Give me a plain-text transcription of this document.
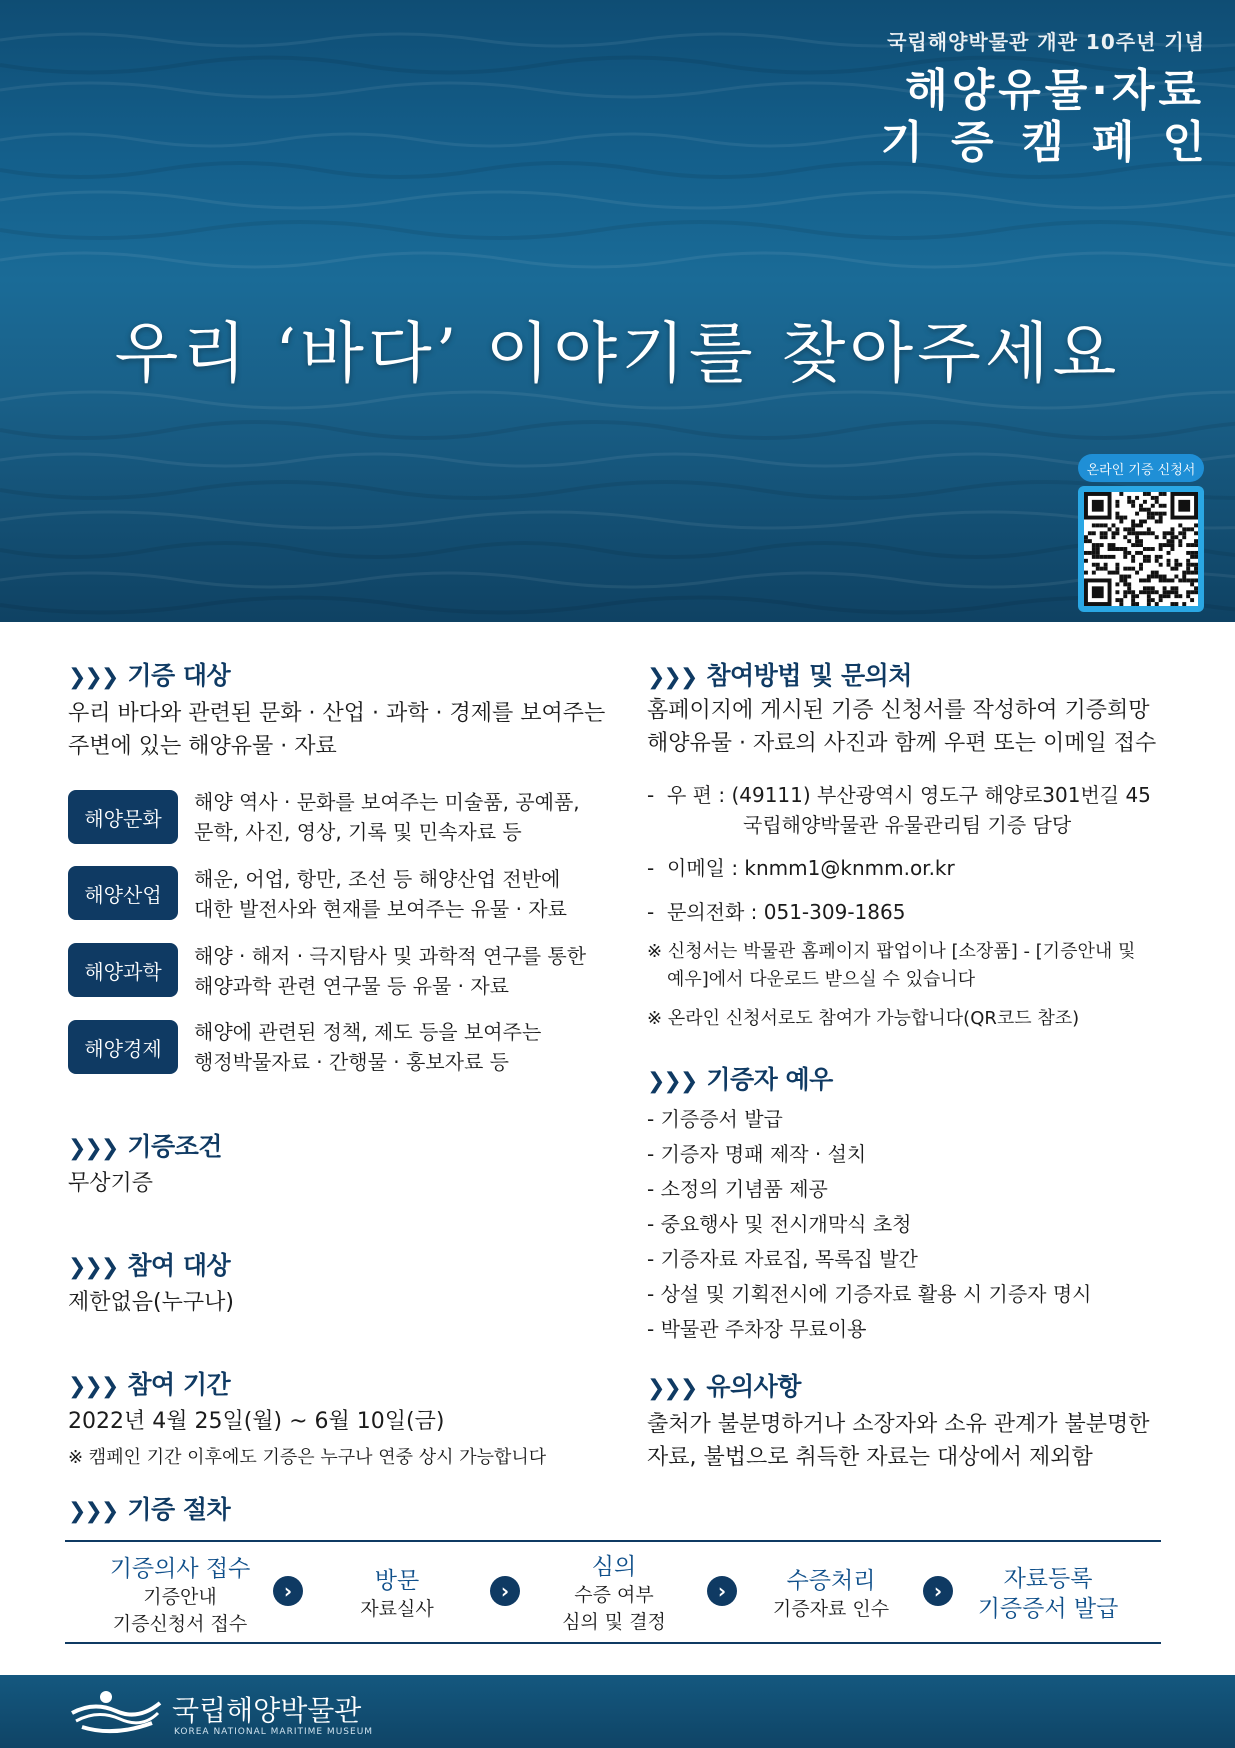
국립해양박물관 개관 10주년 기념
해양유물·자료
기증캠페인
우리 ‘바다’ 이야기를 찾아주세요
온라인 기증 신청서
❯❯❯ 기증 대상
우리 바다와 관련된 문화 · 산업 · 과학 · 경제를 보여주는
주변에 있는 해양유물 · 자료
해양문화
해양 역사 · 문화를 보여주는 미술품, 공예품,
문학, 사진, 영상, 기록 및 민속자료 등
해양산업
해운, 어업, 항만, 조선 등 해양산업 전반에
대한 발전사와 현재를 보여주는 유물 · 자료
해양과학
해양 · 해저 · 극지탐사 및 과학적 연구를 통한
해양과학 관련 연구물 등 유물 · 자료
해양경제
해양에 관련된 정책, 제도 등을 보여주는
행정박물자료 · 간행물 · 홍보자료 등
❯❯❯ 기증조건
무상기증
❯❯❯ 참여 대상
제한없음(누구나)
❯❯❯ 참여 기간
2022년 4월 25일(월) ~ 6월 10일(금)
※ 캠페인 기간 이후에도 기증은 누구나 연중 상시 가능합니다
❯❯❯ 참여방법 및 문의처
홈페이지에 게시된 기증 신청서를 작성하여 기증희망
해양유물 · 자료의 사진과 함께 우편 또는 이메일 접수
- 우 편 : (49111) 부산광역시 영도구 해양로301번길 45
국립해양박물관 유물관리팀 기증 담당
- 이메일 : knmm1@knmm.or.kr
- 문의전화 : 051-309-1865
※ 신청서는 박물관 홈페이지 팝업이나 [소장품] - [기증안내 및
예우]에서 다운로드 받으실 수 있습니다
※ 온라인 신청서로도 참여가 가능합니다(QR코드 참조)
❯❯❯ 기증자 예우
- 기증증서 발급
- 기증자 명패 제작 · 설치
- 소정의 기념품 제공
- 중요행사 및 전시개막식 초청
- 기증자료 자료집, 목록집 발간
- 상설 및 기획전시에 기증자료 활용 시 기증자 명시
- 박물관 주차장 무료이용
❯❯❯ 유의사항
출처가 불분명하거나 소장자와 소유 관계가 불분명한
자료, 불법으로 취득한 자료는 대상에서 제외함
❯❯❯ 기증 절차
기증의사 접수
기증안내
기증신청서 접수
›	방문
자료실사
›
심의
수증 여부
심의 및 결정
›	수증처리
기증자료 인수
›	자료등록
기증증서 발급
국립해양박물관
KOREA NATIONAL MARITIME MUSEUM
